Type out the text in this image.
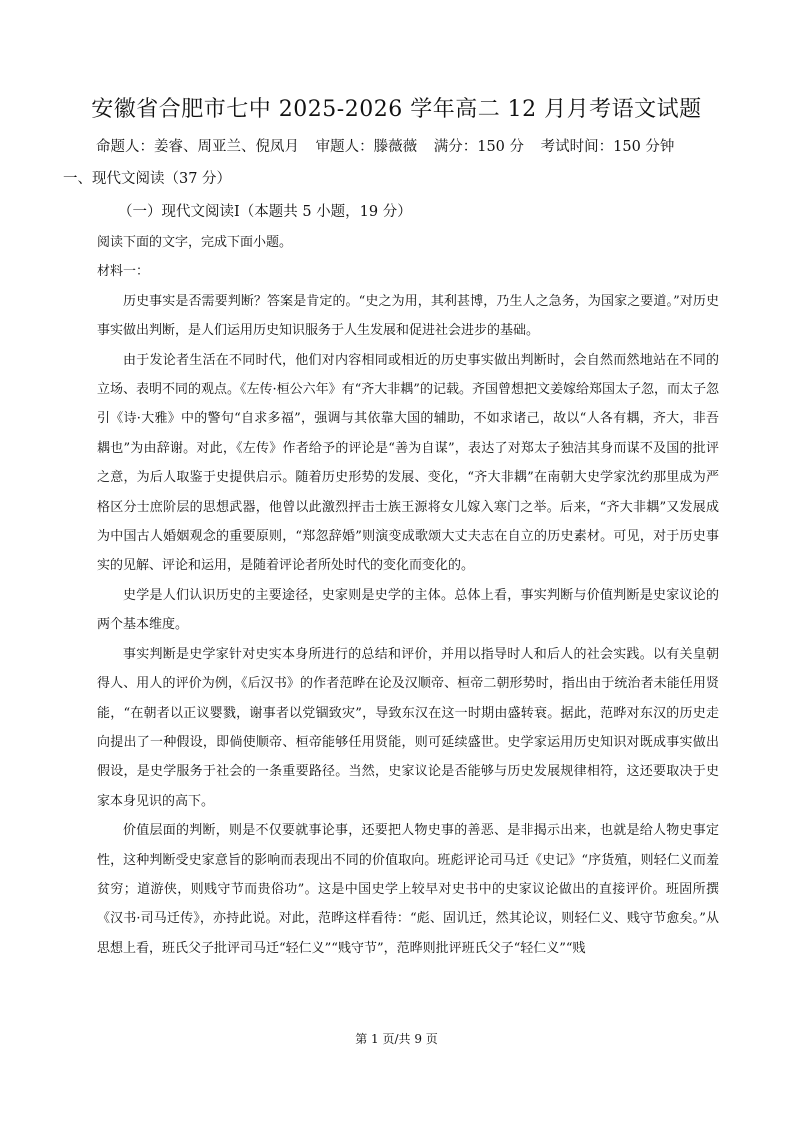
安徽省合肥市七中 2025-2026 学年高二 12 月月考语文试题
命题人：姜睿、周亚兰、倪凤月 审题人：滕薇薇 满分：150 分 考试时间：150 分钟
一、现代文阅读（37 分）
（一）现代文阅读Ⅰ（本题共 5 小题，19 分）

阅读下面的文字，完成下面小题。

材料一：

历史事实是否需要判断？答案是肯定的。“史之为用，其利甚博，乃生人之急务，为国家之要道。”对历史事实做出判断，是人们运用历史知识服务于人生发展和促进社会进步的基础。

由于发论者生活在不同时代，他们对内容相同或相近的历史事实做出判断时，会自然而然地站在不同的立场、表明不同的观点。《左传·桓公六年》有“齐大非耦”的记载。齐国曾想把文姜嫁给郑国太子忽，而太子忽引《诗·大雅》中的警句“自求多福”，强调与其依靠大国的辅助，不如求诸己，故以“人各有耦，齐大，非吾耦也”为由辞谢。对此，《左传》作者给予的评论是“善为自谋”，表达了对郑太子独洁其身而谋不及国的批评之意，为后人取鉴于史提供启示。随着历史形势的发展、变化，“齐大非耦”在南朝大史学家沈约那里成为严格区分士庶阶层的思想武器，他曾以此激烈抨击士族王源将女儿嫁入寒门之举。后来，“齐大非耦”又发展成为中国古人婚姻观念的重要原则，“郑忽辞婚”则演变成歌颂大丈夫志在自立的历史素材。可见，对于历史事实的见解、评论和运用，是随着评论者所处时代的变化而变化的。

史学是人们认识历史的主要途径，史家则是史学的主体。总体上看，事实判断与价值判断是史家议论的两个基本维度。

事实判断是史学家针对史实本身所进行的总结和评价，并用以指导时人和后人的社会实践。以有关皇朝得人、用人的评价为例，《后汉书》的作者范晔在论及汉顺帝、桓帝二朝形势时，指出由于统治者未能任用贤能，“在朝者以正议婴戮，谢事者以党锢致灾”，导致东汉在这一时期由盛转衰。据此，范晔对东汉的历史走向提出了一种假设，即倘使顺帝、桓帝能够任用贤能，则可延续盛世。史学家运用历史知识对既成事实做出假设，是史学服务于社会的一条重要路径。当然，史家议论是否能够与历史发展规律相符，这还要取决于史家本身见识的高下。

价值层面的判断，则是不仅要就事论事，还要把人物史事的善恶、是非揭示出来，也就是给人物史事定性，这种判断受史家意旨的影响而表现出不同的价值取向。班彪评论司马迁《史记》“序货殖，则轻仁义而羞贫穷；道游侠，则贱守节而贵俗功”。这是中国史学上较早对史书中的史家议论做出的直接评价。班固所撰《汉书·司马迁传》，亦持此说。对此，范晔这样看待：“彪、固讥迁，然其论议，则轻仁义、贱守节愈矣。”从思想上看，班氏父子批评司马迁“轻仁义”“贱守节”，范晔则批评班氏父子“轻仁义”“贱

第 1 页/共 9 页
